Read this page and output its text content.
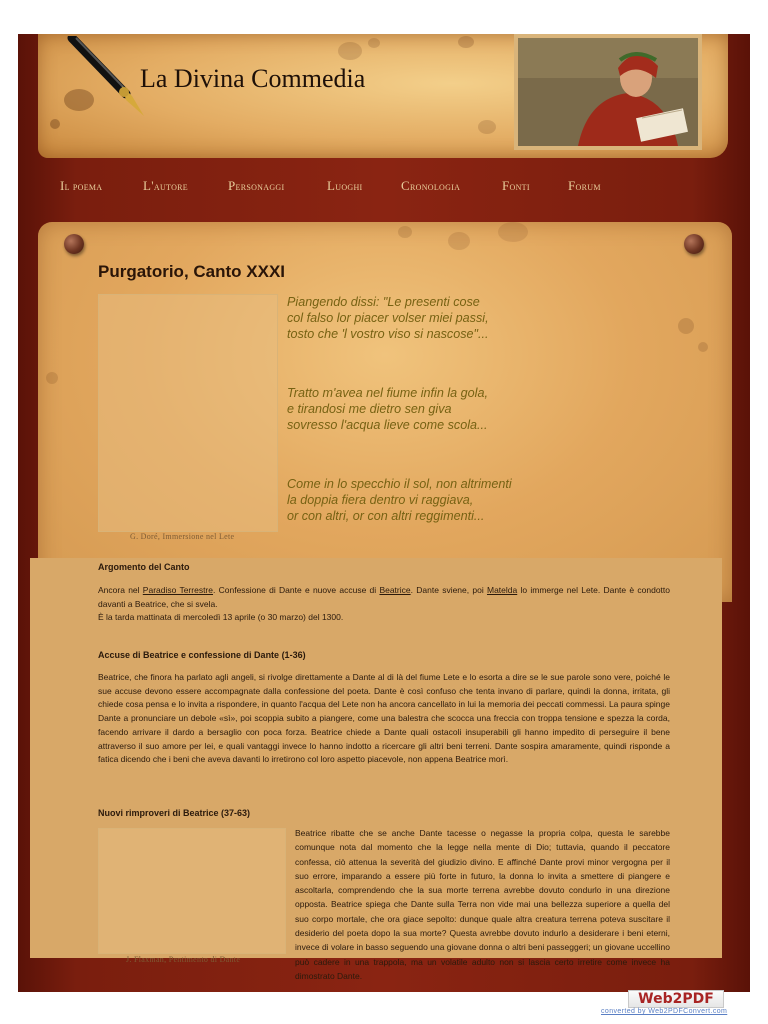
La Divina Commedia
Il poema	L'autore	Personaggi	Luoghi	Cronologia	Fonti	Forum
Purgatorio, Canto XXXI
G. Doré, Immersione nel Lete

Piangendo dissi: "Le presenti cose
col falso lor piacer volser miei passi,
tosto che 'l vostro viso si nascose"...

Tratto m'avea nel fiume infin la gola,
e tirandosi me dietro sen giva
sovresso l'acqua lieve come scola...

Come in lo specchio il sol, non altrimenti
la doppia fiera dentro vi raggiava,
or con altri, or con altri reggimenti...

Argomento del Canto

Ancora nel Paradiso Terrestre. Confessione di Dante e nuove accuse di Beatrice. Dante sviene, poi Matelda lo immerge nel Lete. Dante è condotto davanti a Beatrice, che si svela.
È la tarda mattinata di mercoledì 13 aprile (o 30 marzo) del 1300.

Accuse di Beatrice e confessione di Dante (1-36)

Beatrice, che finora ha parlato agli angeli, si rivolge direttamente a Dante al di là del fiume Lete e lo esorta a dire se le sue parole sono vere, poiché le sue accuse devono essere accompagnate dalla confessione del poeta. Dante è così confuso che tenta invano di parlare, quindi la donna, irritata, gli chiede cosa pensa e lo invita a rispondere, in quanto l'acqua del Lete non ha ancora cancellato in lui la memoria dei peccati commessi. La paura spinge Dante a pronunciare un debole «sì», poi scoppia subito a piangere, come una balestra che scocca una freccia con troppa tensione e spezza la corda, facendo arrivare il dardo a bersaglio con poca forza. Beatrice chiede a Dante quali ostacoli insuperabili gli hanno impedito di perseguire il bene attraverso il suo amore per lei, e quali vantaggi invece lo hanno indotto a ricercare gli altri beni terreni. Dante sospira amaramente, quindi risponde a fatica dicendo che i beni che aveva davanti lo irretirono col loro aspetto piacevole, non appena Beatrice morì.

Nuovi rimproveri di Beatrice (37-63)
J. Flaxman, Pentimento di Dante

Beatrice ribatte che se anche Dante tacesse o negasse la propria colpa, questa le sarebbe comunque nota dal momento che la legge nella mente di Dio; tuttavia, quando il peccatore confessa, ciò attenua la severità del giudizio divino. E affinché Dante provi minor vergogna per il suo errore, imparando a essere più forte in futuro, la donna lo invita a smettere di piangere e ascoltarla, comprendendo che la sua morte terrena avrebbe dovuto condurlo in una direzione opposta. Beatrice spiega che Dante sulla Terra non vide mai una bellezza superiore a quella del suo corpo mortale, che ora giace sepolto: dunque quale altra creatura terrena poteva suscitare il desiderio del poeta dopo la sua morte? Questa avrebbe dovuto indurlo a desiderare i beni eterni, invece di volare in basso seguendo una giovane donna o altri beni passeggeri; un giovane uccellino può cadere in una trappola, ma un volatile adulto non si lascia certo irretire come invece ha dimostrato Dante.

Web2PDF
converted by Web2PDFConvert.com
